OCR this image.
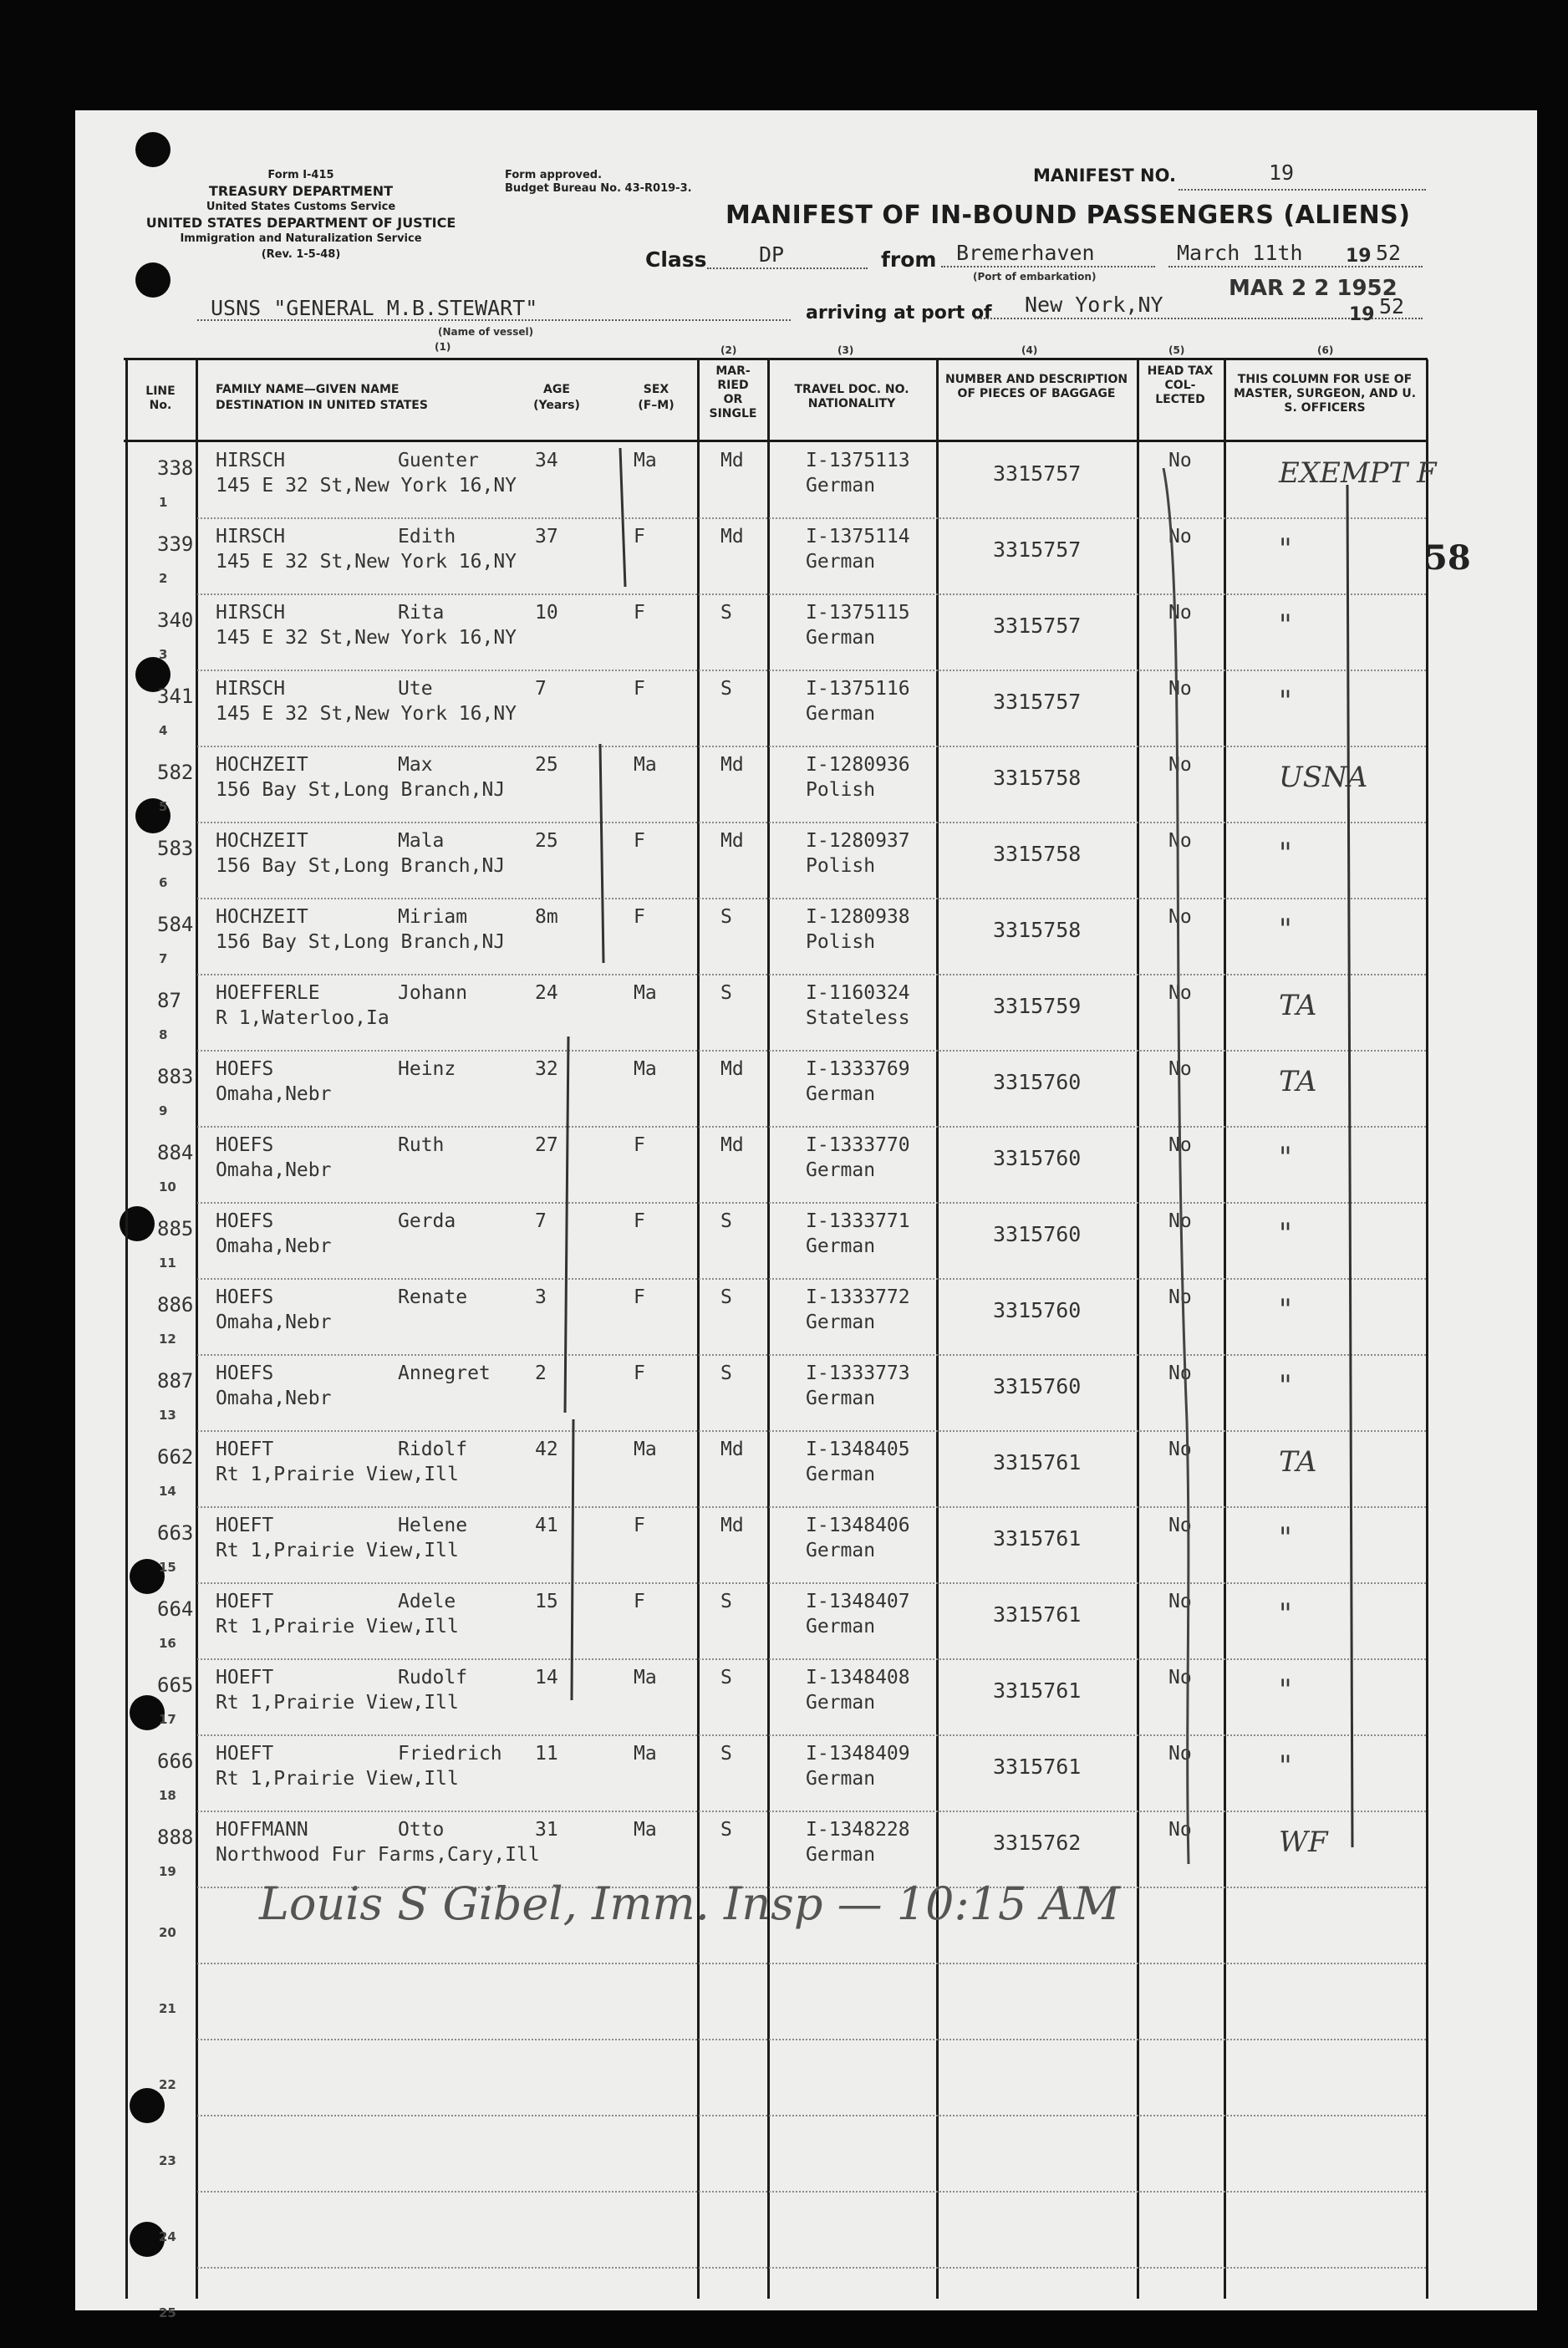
Form I-415
TREASURY DEPARTMENT
United States Customs Service
UNITED STATES DEPARTMENT OF JUSTICE
Immigration and Naturalization Service
(Rev. 1-5-48)
Form approved.
Budget Bureau No. 43-R019-3.
MANIFEST NO.	19
MANIFEST OF IN-BOUND PASSENGERS (ALIENS)
Class DP	from Bremerhaven
(Port of embarkation)
March 11th 19 52
USNS "GENERAL M.B.STEWART"
(Name of vessel)
(1)
arriving at port of New York,NY
MAR 2 2 1952
19 52
(2)	(3)	(4)	(5)	(6)
LINE No.
FAMILY NAME—GIVEN NAME
DESTINATION IN UNITED STATES
AGE
(Years)
SEX
(F–M)
MAR- RIED OR SINGLE
TRAVEL DOC. NO. NATIONALITY
NUMBER AND DESCRIPTION OF PIECES OF BAGGAGE
HEAD TAX COL- LECTED
THIS COLUMN FOR USE OF MASTER, SURGEON, AND U. S. OFFICERS
338
1
HIRSCH	Guenter	34	Ma	Md
145 E 32 St,New York 16,NY
I-1375113
German	3315757
No	EXEMPT F
339
2
HIRSCH	Edith	37	F	Md
145 E 32 St,New York 16,NY
I-1375114
German	3315757
No	"
340
3
HIRSCH	Rita	10	F	S
145 E 32 St,New York 16,NY
I-1375115
German	3315757
No	"
341
4
HIRSCH	Ute	7	F	S
145 E 32 St,New York 16,NY
I-1375116
German	3315757
No	"
582
5
HOCHZEIT	Max	25	Ma	Md
156 Bay St,Long Branch,NJ
I-1280936
Polish	3315758
No	USNA
583
6
HOCHZEIT	Mala	25	F	Md
156 Bay St,Long Branch,NJ
I-1280937
Polish	3315758
No	"
584
7
HOCHZEIT	Miriam	8m	F	S
156 Bay St,Long Branch,NJ
I-1280938
Polish	3315758
No	"
87
8
HOEFFERLE	Johann	24	Ma	S
R 1,Waterloo,Ia
I-1160324
Stateless	3315759
No	TA
883
9
HOEFS	Heinz	32	Ma	Md
Omaha,Nebr
I-1333769
German	3315760
No	TA
884
10
HOEFS	Ruth	27	F	Md
Omaha,Nebr
I-1333770
German	3315760
No	"
885
11
HOEFS	Gerda	7	F	S
Omaha,Nebr
I-1333771
German	3315760
No	"
886
12
HOEFS	Renate	3	F	S
Omaha,Nebr
I-1333772
German	3315760
No	"
887
13
HOEFS	Annegret 2	F	S
Omaha,Nebr
I-1333773
German	3315760
No	"
662
14
HOEFT	Ridolf	42	Ma	Md
Rt 1,Prairie View,Ill
I-1348405
German	3315761
No	TA
663
15
HOEFT	Helene	41	F	Md
Rt 1,Prairie View,Ill
I-1348406
German	3315761
No	"
664
16
HOEFT	Adele	15	F	S
Rt 1,Prairie View,Ill
I-1348407
German	3315761
No	"
665
17
HOEFT	Rudolf	14	Ma	S
Rt 1,Prairie View,Ill
I-1348408
German	3315761
No	"
666
18
HOEFT	Friedrich 11	Ma	S
Rt 1,Prairie View,Ill
I-1348409
German	3315761
No	"
888
19
HOFFMANN	Otto	31	Ma	S
Northwood Fur Farms,Cary,Ill
I-1348228
German	3315762
No	WF
20
21
22
23
24
25
58
Louis S Gibel, Imm. Insp — 10:15 AM
